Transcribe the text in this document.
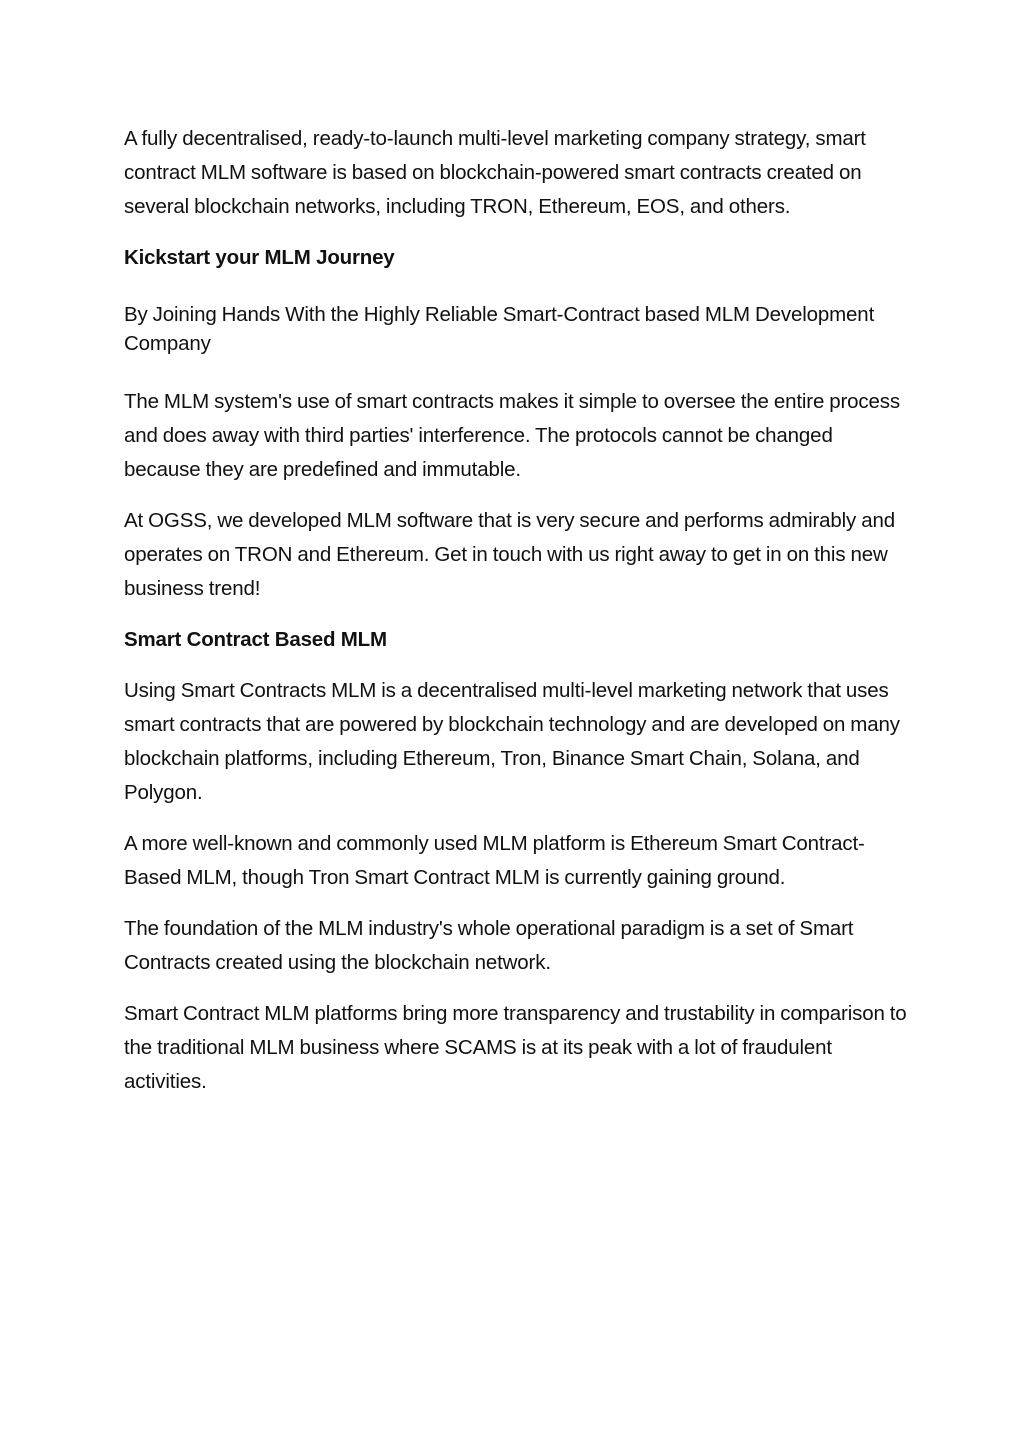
A fully decentralised, ready-to-launch multi-level marketing company strategy, smart contract MLM software is based on blockchain-powered smart contracts created on several blockchain networks, including TRON, Ethereum, EOS, and others.

Kickstart your MLM Journey

By Joining Hands With the Highly Reliable Smart-Contract based MLM Development Company

The MLM system's use of smart contracts makes it simple to oversee the entire process and does away with third parties' interference. The protocols cannot be changed because they are predefined and immutable.

At OGSS, we developed MLM software that is very secure and performs admirably and operates on TRON and Ethereum. Get in touch with us right away to get in on this new business trend!

Smart Contract Based MLM

Using Smart Contracts MLM is a decentralised multi-level marketing network that uses smart contracts that are powered by blockchain technology and are developed on many blockchain platforms, including Ethereum, Tron, Binance Smart Chain, Solana, and Polygon.

A more well-known and commonly used MLM platform is Ethereum Smart Contract-Based MLM, though Tron Smart Contract MLM is currently gaining ground.

The foundation of the MLM industry's whole operational paradigm is a set of Smart Contracts created using the blockchain network.

Smart Contract MLM platforms bring more transparency and trustability in comparison to the traditional MLM business where SCAMS is at its peak with a lot of fraudulent activities.
